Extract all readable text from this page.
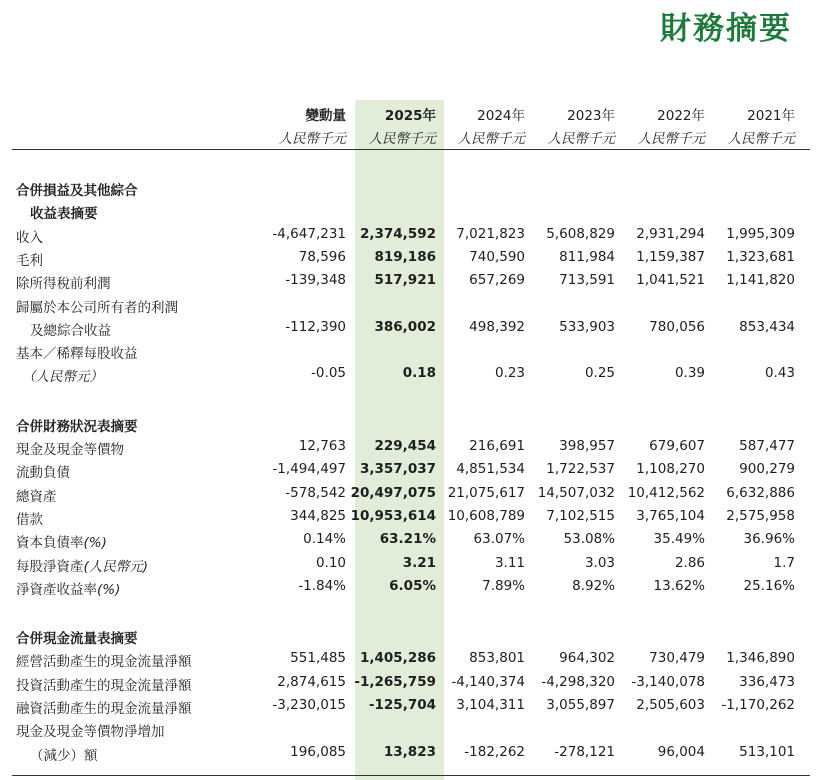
財務摘要
變動量	2025年	2024年	2023年	2022年	2021年
人民幣千元 人民幣千元 人民幣千元 人民幣千元 人民幣千元 人民幣千元
合併損益及其他綜合
收益表摘要
收入	-4,647,231 2,374,592 7,021,823 5,608,829 2,931,294 1,995,309
毛利	78,596 819,186 740,590	811,984 1,159,387 1,323,681
除所得稅前利潤	-139,348 517,921 657,269	713,591 1,041,521 1,141,820
歸屬於本公司所有者的利潤
及總綜合收益	-112,390 386,002 498,392	533,903	780,056	853,434
基本／稀釋每股收益
（人民幣元）	-0.05	0.18	0.23	0.25	0.39	0.43
合併財務狀況表摘要
現金及現金等價物	12,763 229,454 216,691	398,957	679,607	587,477
流動負債	-1,494,497 3,357,037 4,851,534 1,722,537 1,108,270	900,279
總資產	-578,542 20,497,075 21,075,617 14,507,032 10,412,562 6,632,886
借款	344,825 10,953,614 10,608,789 7,102,515 3,765,104 2,575,958
資本負債率(%)	0.14%	63.21%	63.07%	53.08%	35.49%	36.96%
每股淨資產(人民幣元)	0.10	3.21	3.11	3.03	2.86	1.7
淨資產收益率(%)	-1.84%	6.05%	7.89%	8.92%	13.62%	25.16%
合併現金流量表摘要
經營活動產生的現金流量淨額	551,485 1,405,286 853,801	964,302	730,479 1,346,890
投資活動產生的現金流量淨額	2,874,615 -1,265,759 -4,140,374 -4,298,320 -3,140,078	336,473
融資活動產生的現金流量淨額	-3,230,015 -125,704 3,104,311 3,055,897 2,505,603 -1,170,262
現金及現金等價物淨增加
（減少）額	196,085	13,823 -182,262 -278,121	96,004	513,101
